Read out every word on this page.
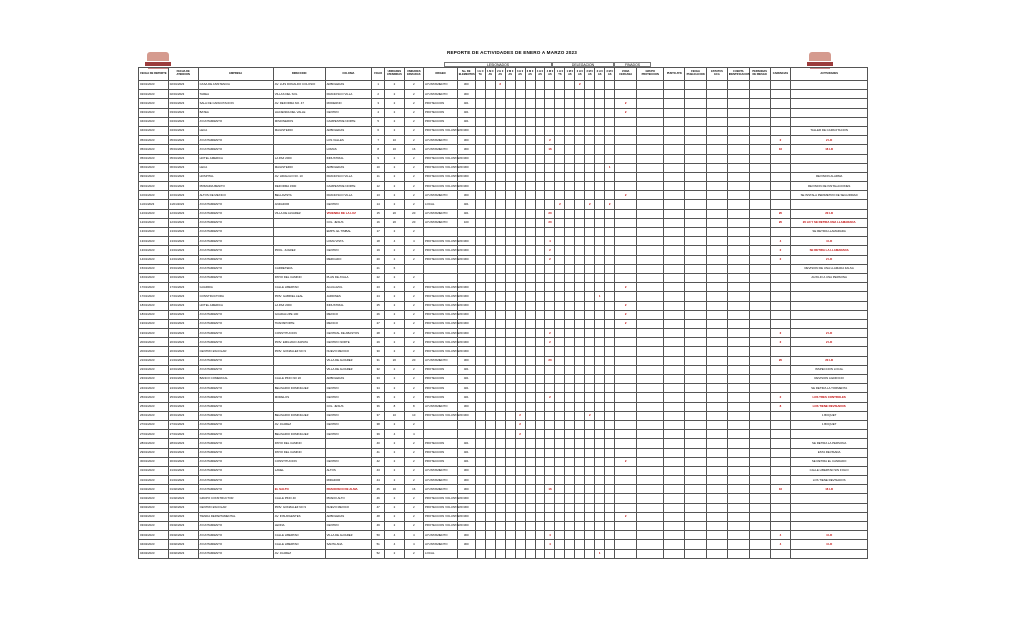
REPORTE DE ACTIVIDADES DE ENERO A MARZO 2023
LESIONADOS	DELEGACION	FINADOS
FECHA DE REPORTE	FECHA DE ATENCION	EMPRESA	DIRECCION	COLONIA	FOLIO	UNIDADES ATENDIDAS	UNIDADES ENVIADAS	ORIGEN	No. DE ELEMENTOS	1 H 0 TA	1 M 0 AS	2 H 0 AS	2 M 0 AS	3 H 0 AS	3 M 0 AS	4 H 0 AS	4 M 0 AS	1 H 0 TS	1 M 0 AS	2 H 0 AS	2 M 0 AS	3 H 0 AS	3 M 0 AS	ZONA CERCANA	GRUPO PROTECCION	PUNTO ATN	FECHA PUBLICACION	ESTATUS ECA	CUENTA IDENTIFICACION	PERSONAS DE RIESGO	CARENCIAS	ACTIVIDADES
02/01/2023	02/01/2023	CASA DE ASISTENCIA	AV. LUIS DONALDO COLOSIO	ARBOLEDAS	1	2	2	AYUNTAMIENTO	300			2								2												
02/01/2023	02/01/2023	TAREA	VILLAS DEL SOL	FRANCISCO VILLA	2	2	2	AYUNTAMIENTO	300																							
03/01/2023	03/01/2023	SALA DE CAPACITACION	AV. REFORMA NO. 47	MODERNO	3	2	2	PROTECCION	401															2								
03/01/2023	03/01/2023	BATEA	HACIENDA DEL VALLE	CENTRO	4	2	2	PROTECCION	401															2								
04/01/2023	04/01/2023	AYUNTAMIENTO	MISIONEROS	CAMPESTRE NORTE	5	2	2	PROTECCION	401																							
04/01/2023	04/01/2023	LECA	MAGISTERIO	ARBOLEDAS	6	2	2	PROTECCION VOLUNTARIO	300																							TALLER DE CAPACITACION
05/01/2023	05/01/2023	AYUNTAMIENTO		LOS VALLES	7	10	2	AYUNTAMIENTO	300								2														2	2 LD
05/01/2023	05/01/2023	AYUNTAMIENTO		LOMAS	8	16	16	AYUNTAMIENTO	300								16														16	16 LD
05/01/2023	05/01/2023	HOTEL AMERICA	LA PAZ 2000	INDUSTRIAL	9	2	2	PROTECCION VOLUNTARIO	300																							
06/01/2023	06/01/2023	LECA	MAGISTERIO	ARBOLEDAS	10	2	2	PROTECCION VOLUNTARIO	300														1									
09/01/2023	09/01/2023	HOSPITAL	AV. HIDALGO NO. 10	FRANCISCO VILLA	11	2	2	PROTECCION VOLUNTARIO	300																							REVISION ALARMA
09/01/2023	09/01/2023	PRIMARIA BENITO	REFORMA 1500	CAMPESTRE NORTE	12	2	2	PROTECCION VOLUNTARIO	300																							REVISION DE INSTALACIONES
10/01/2023	10/01/2023	ALTOS DE MEXICO	BELLAVISTA	FRANCISCO VILLA	13	2	2	AYUNTAMIENTO	300															2								SE INSTALA PERIMETRO DE SEGURIDAD
11/01/2023	11/01/2023	AYUNTAMIENTO	ANDADOR	CENTRO	14	2	2	LOCAL	401									2			2		2									
12/01/2023	12/01/2023	AYUNTAMIENTO	VILLA DE ALVAREZ	VIVIENDA DE LA LUZ	15	20	20	AYUNTAMIENTO	401								20														20	20 LD
12/01/2023	12/01/2023	AYUNTAMIENTO		COL. JESUS	16	20	20	AYUNTAMIENTO	100								20														20	20 LD Y SE RETIRA UNA LLAMARADA
13/01/2023	13/01/2023	AYUNTAMIENTO		EMPS. EL TIMBAL	17	2	2																									SE RETIRA LLAMARADA
13/01/2023	13/01/2023	AYUNTAMIENTO		LOMA VISTA	18	4	4	PROTECCION VOLUNTARIO	300								4														4	4 LD
13/01/2023	13/01/2023	AYUNTAMIENTO	PROL. JUAREZ	CENTRO	19	2	2	PROTECCION VOLUNTARIO	300								2														2	SE RETIRA LA LLAMARADA
14/01/2023	14/01/2023	AYUNTAMIENTO		MERCADO	20	2	2	PROTECCION VOLUNTARIO	300								2														2	2 LD
15/01/2023	15/01/2023	AYUNTAMIENTO	CARRETERA		21	6																										REVISION DE UNA LLAMADA FALSA
16/01/2023	16/01/2023	AYUNTAMIENTO	PATIO DEL CAMINO	PLAN DE AYALA	22	2	2																									AUXILIO A UNA PERSONA
17/01/2023	17/01/2023	GUARDIA	CALLE LIBERTAD	AGUA AZUL	23	2	2	PROTECCION VOLUNTARIO	300															2								
17/01/2023	17/01/2023	CONSTRUCTORA	PRIV. GABRIEL LEAL	JARDINES	24	2	2	PROTECCION VOLUNTARIO	300													1										
18/01/2023	18/01/2023	HOTEL AMERICA	LA PAZ 2000	INDUSTRIAL	25	2	2	PROTECCION VOLUNTARIO	300															2								
18/01/2023	18/01/2023	AYUNTAMIENTO	GUADALUPE 100	MEXICO	26	2	2	PROTECCION VOLUNTARIO	300															2								
19/01/2023	19/01/2023	AYUNTAMIENTO	TRANSPORTE	MEXICO	27	2	2	PROTECCION VOLUNTARIO	300															2								
19/01/2023	19/01/2023	AYUNTAMIENTO	CONSTITUCION	CENTRAL DE ABASTOS	28	2	2	PROTECCION VOLUNTARIO	300								2														2	2 LD
20/01/2023	20/01/2023	AYUNTAMIENTO	PRIV. EMILIANO ZAPATA	CENTRO NORTE	29	2	2	PROTECCION VOLUNTARIO	300								2														2	2 LD
20/01/2023	20/01/2023	CENTRO ESCOLAR	PRIV. GONZALEZ NO 9	NUEVO MEXICO	30	2	2	PROTECCION VOLUNTARIO	300																							
21/01/2023	21/01/2023	AYUNTAMIENTO		VILLA DE ALVAREZ	31	20	20	AYUNTAMIENTO	300								20														20	20 LD
22/01/2023	22/01/2023	AYUNTAMIENTO		VILLA DE ALVAREZ	32	2	2	PROTECCION	401																							INSPECCION LOCAL
23/01/2023	23/01/2023	BANCO COMERCIAL	CALLE PINO NO 20	ARBOLEDAS	33	2	2	PROTECCION	401																							REVISION A EDIFICIO
24/01/2023	24/01/2023	AYUNTAMIENTO	BELISARIO DOMINGUEZ	CENTRO	34	2	2	PROTECCION	401																							SE RETIRA LA TORMENTA
25/01/2023	25/01/2023	AYUNTAMIENTO	MORELOS	CENTRO	35	2	2	PROTECCION	401								2														2	LOS TRES CONTROLES
25/01/2023	25/01/2023	AYUNTAMIENTO		COL. JESUS	36	8	8	AYUNTAMIENTO	300																						8	LOS TIENE REVISADOS
26/01/2023	26/01/2023	AYUNTAMIENTO	BELISARIO DOMINGUEZ	CENTRO	37	10	10	PROTECCION VOLUNTARIO	300					2							2											1 BOQUET
27/01/2023	27/01/2023	AYUNTAMIENTO	AV. JUAREZ	CENTRO	38	2	2							2																		1 BOQUET
27/01/2023	27/01/2023	AYUNTAMIENTO	BELISARIO DOMINGUEZ	CENTRO	39	4	4							2																		
28/01/2023	28/01/2023	AYUNTAMIENTO	PATIO DEL CAMINO		40	2	2	PROTECCION	401																							SE RETIRA LA PERSONA
29/01/2023	29/01/2023	AYUNTAMIENTO	PATIO DEL CAMINO		41	2	2	PROTECCION	401																							ESTA REVISADA
30/01/2023	30/01/2023	AYUNTAMIENTO	CONSTITUCION	CENTRO	42	2	2	PROTECCION	401															2								SE RETIRA EL CANDADO
31/01/2023	31/01/2023	AYUNTAMIENTO	LANEL	ALTOS	43	2	2	AYUNTAMIENTO	300																							CALLE LIBERTAD SIN FOLIO
31/01/2023	31/01/2023	AYUNTAMIENTO		MIRADOR	44	2	2	AYUNTAMIENTO	300																							LOS TIENE REVISADOS
01/02/2023	01/02/2023	AYUNTAMIENTO	EL SALTO	FRANCISCO DE ALMA	45	16	16	AYUNTAMIENTO	300								16														16	16 LD
01/02/2023	01/02/2023	GRUPO CONSTRUCTOR	CALLE PINO 40	PRADO ALTO	46	2	2	PROTECCION VOLUNTARIO	300																							
02/02/2023	02/02/2023	CENTRO ESCOLAR	PRIV. GONZALEZ NO 9	NUEVO MEXICO	47	2	2	PROTECCION VOLUNTARIO	300																							
02/02/2023	02/02/2023	TIENDA DEPARTAMENTAL	AV. INSURGENTES	ARBOLEDAS	48	2	2	PROTECCION VOLUNTARIO	300															2								
03/02/2023	03/02/2023	AYUNTAMIENTO	LEONA	CENTRO	49	2	2	PROTECCION VOLUNTARIO	300																							
03/02/2023	03/02/2023	AYUNTAMIENTO	CALLE LIBERTAD	VILLA DE ALVAREZ	50	4	4	AYUNTAMIENTO	300								4														4	4 LD
04/02/2023	04/02/2023	AYUNTAMIENTO	CALLE LIBERTAD	SANTA ANA	51	4	4	AYUNTAMIENTO	300								4														4	4 LD
04/02/2023	04/02/2023	AYUNTAMIENTO	AV. JUAREZ		52	2	2	LOCAL														1										
